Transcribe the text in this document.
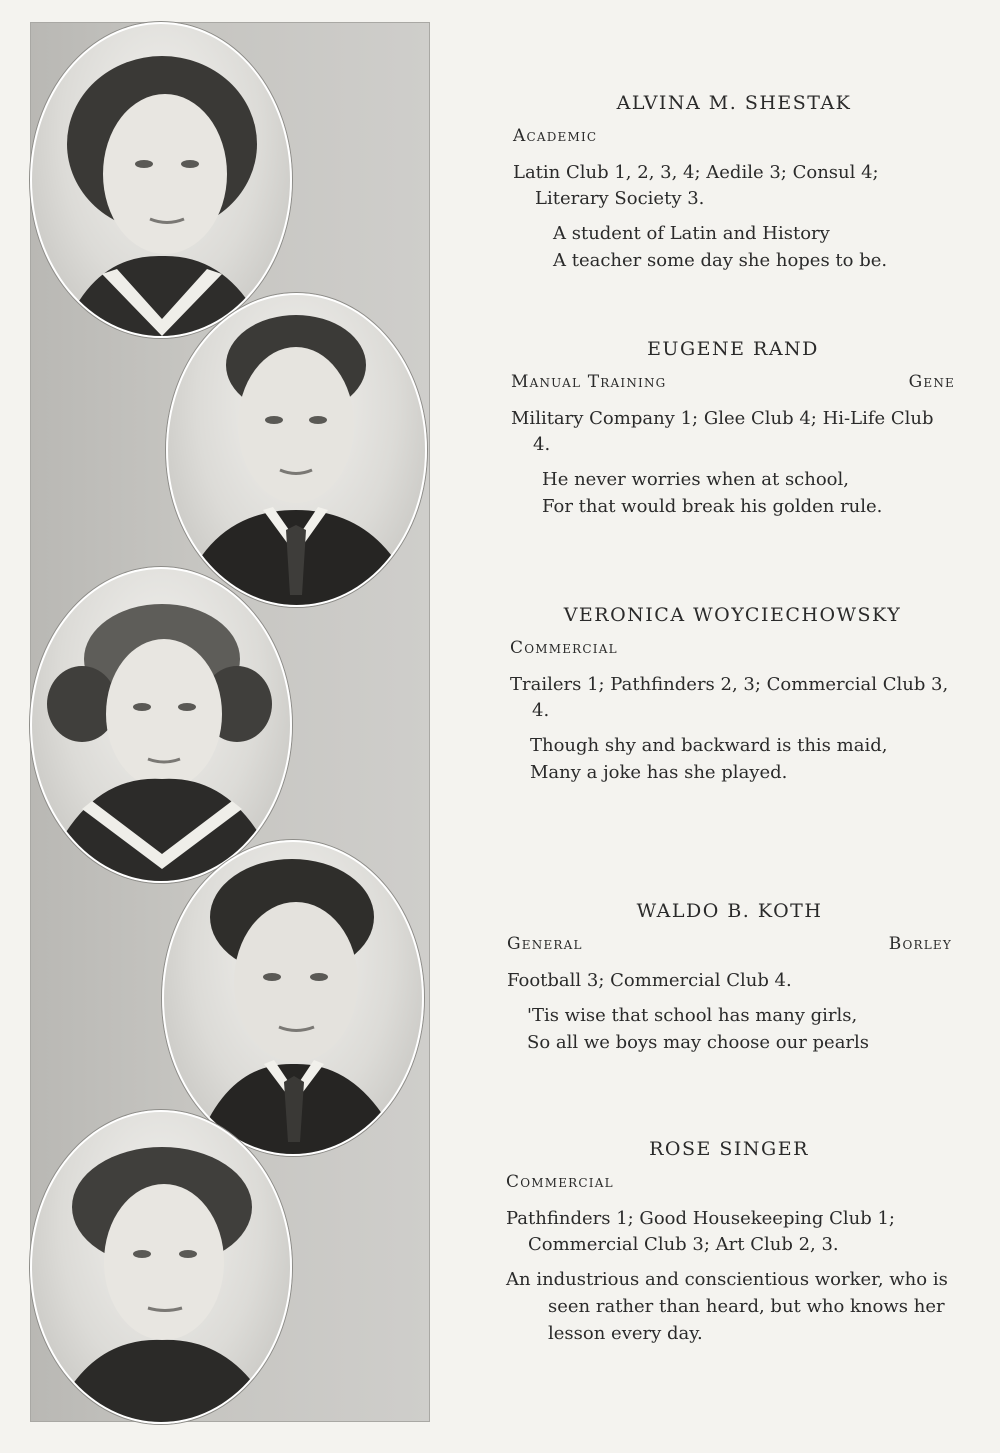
ALVINA M. SHESTAK
Academic
Latin Club 1, 2, 3, 4; Aedile 3; Consul 4; Literary Society 3.
A student of Latin and History
A teacher some day she hopes to be.
EUGENE RAND
Manual Training	Gene
Military Company 1; Glee Club 4; Hi-Life Club 4.
He never worries when at school,
For that would break his golden rule.
VERONICA WOYCIECHOWSKY
Commercial
Trailers 1; Pathfinders 2, 3; Commercial Club 3, 4.
Though shy and backward is this maid,
Many a joke has she played.
WALDO B. KOTH
General	Borley
Football 3; Commercial Club 4.
'Tis wise that school has many girls,
So all we boys may choose our pearls
ROSE SINGER
Commercial
Pathfinders 1; Good Housekeeping Club 1; Commercial Club 3; Art Club 2, 3.
An industrious and conscientious worker, who is seen rather than heard, but who knows her lesson every day.
